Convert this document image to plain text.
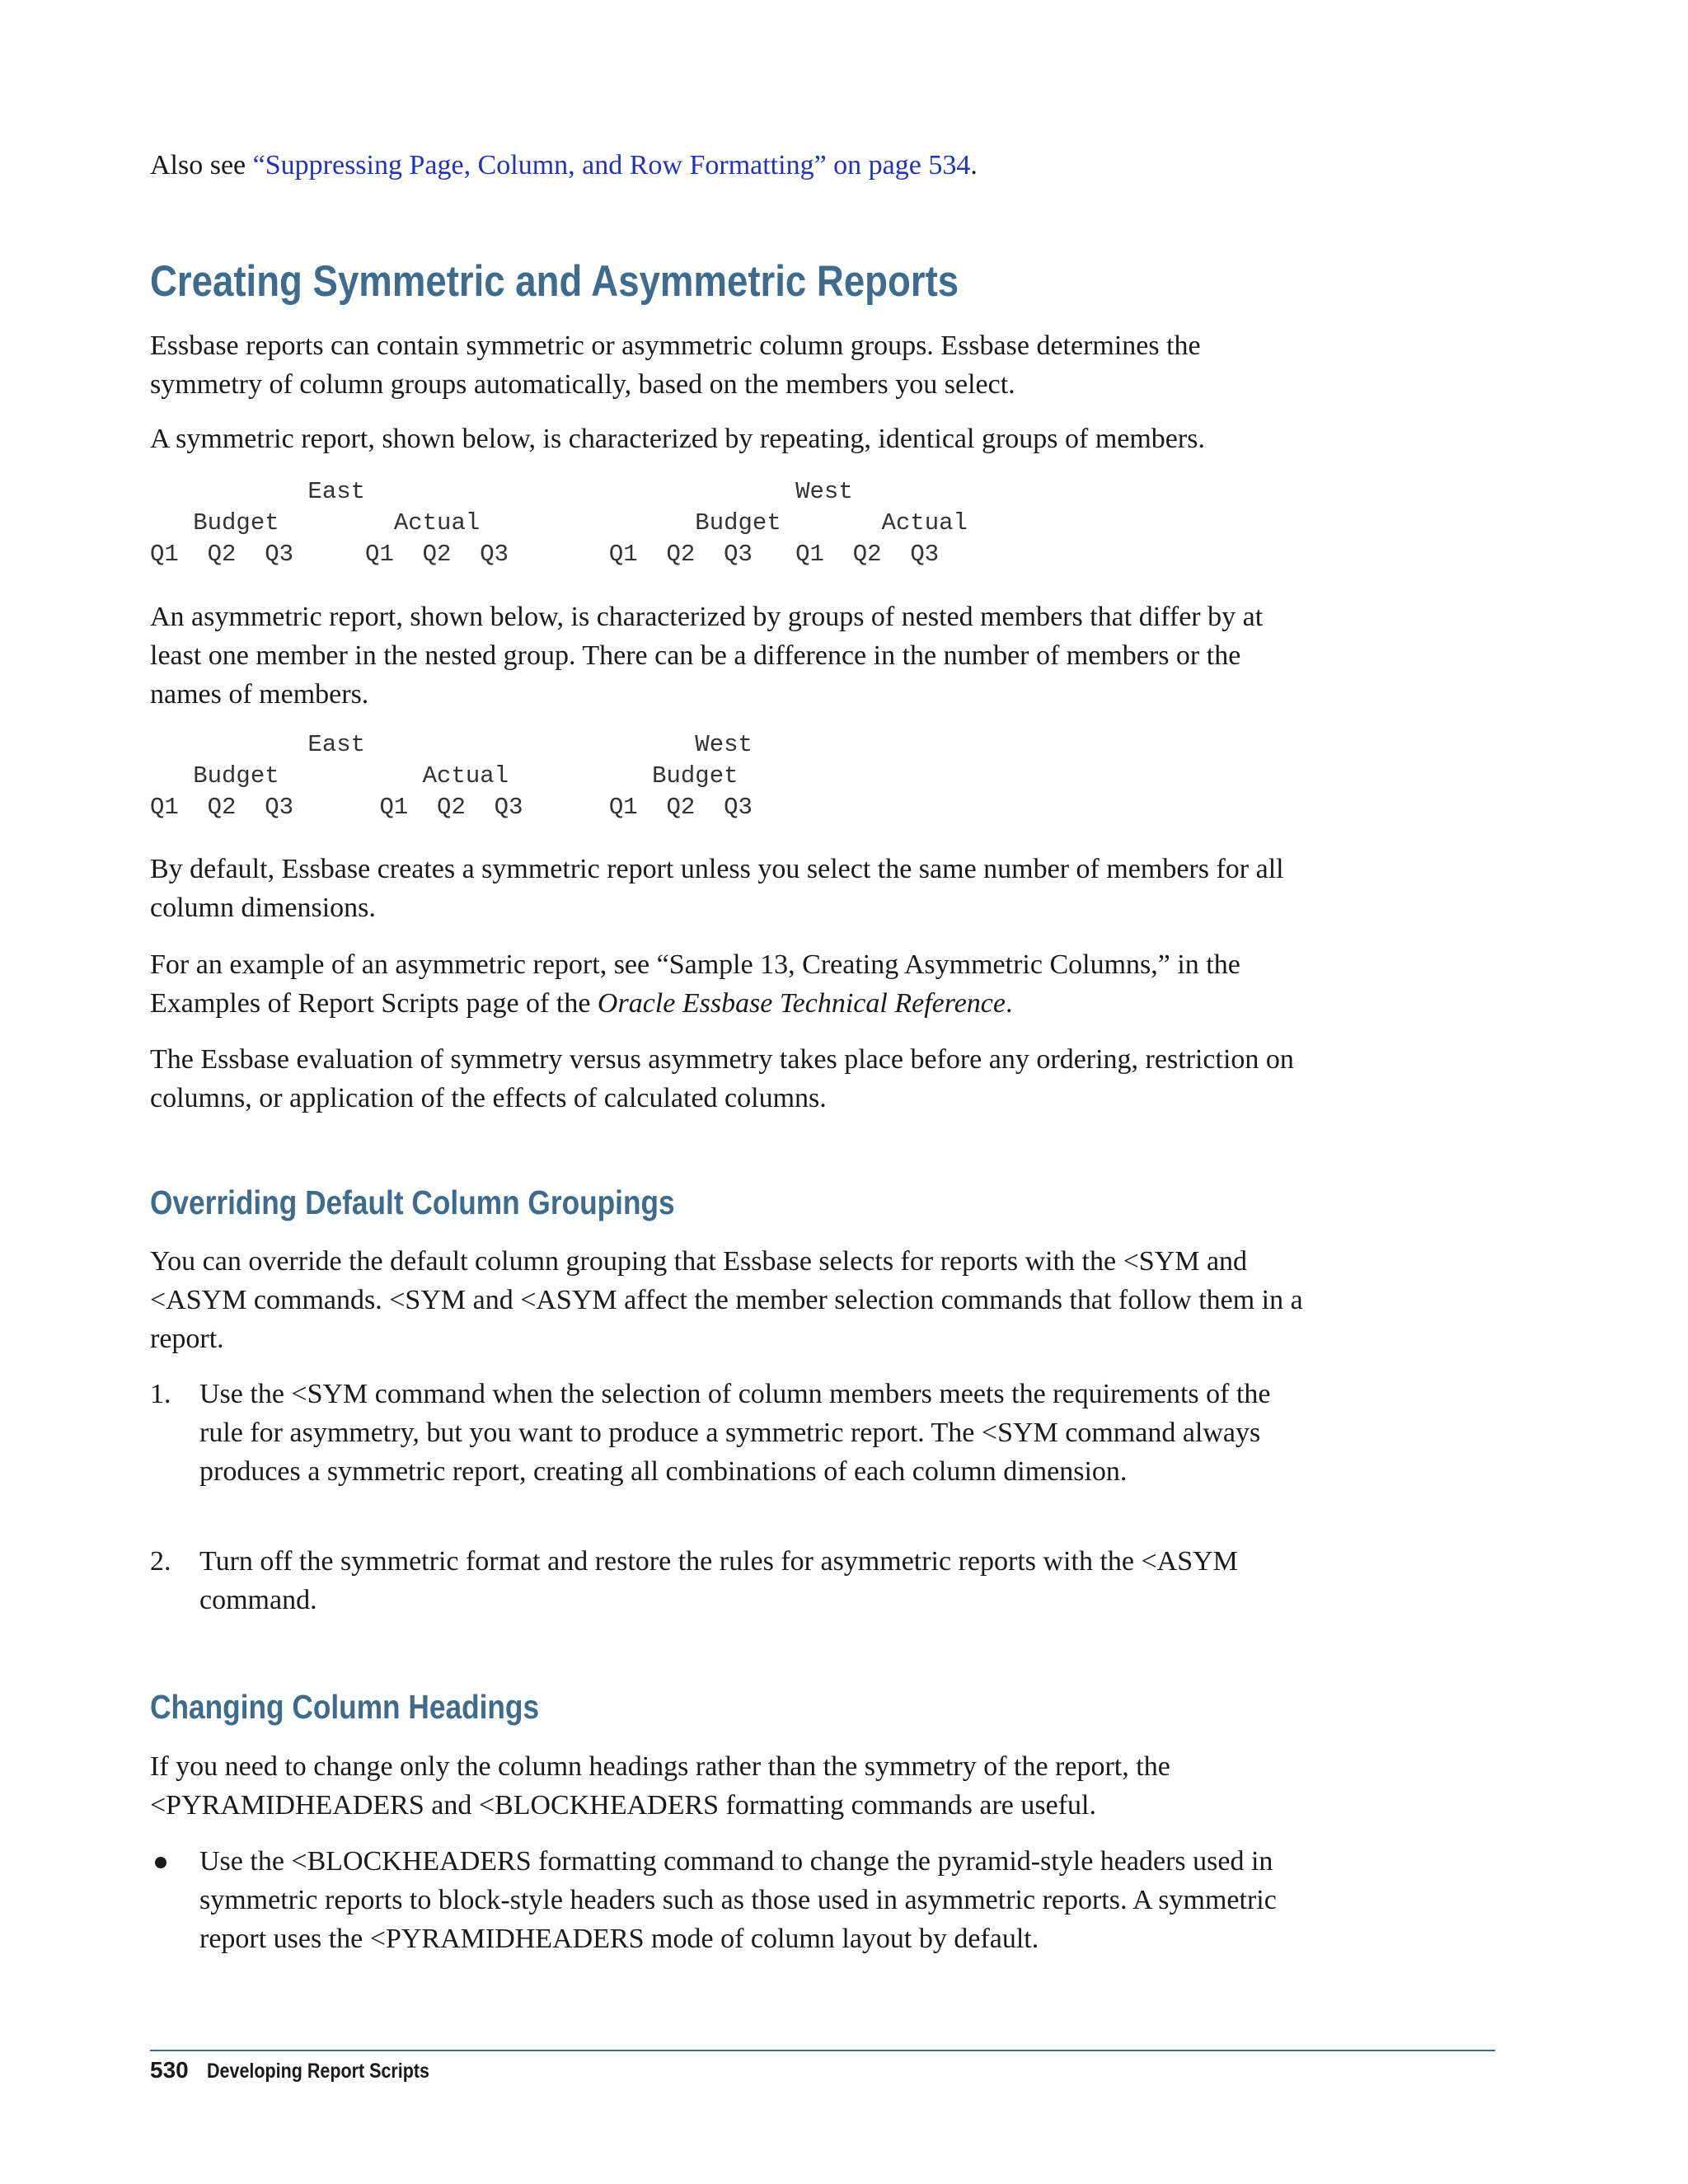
Also see “Suppressing Page, Column, and Row Formatting” on page 534.

Creating Symmetric and Asymmetric Reports

Essbase reports can contain symmetric or asymmetric column groups. Essbase determines the symmetry of column groups automatically, based on the members you select.

A symmetric report, shown below, is characterized by repeating, identical groups of members.

East                              West
Budget        Actual               Budget       Actual
Q1  Q2  Q3     Q1  Q2  Q3       Q1  Q2  Q3   Q1  Q2  Q3

An asymmetric report, shown below, is characterized by groups of nested members that differ by at least one member in the nested group. There can be a difference in the number of members or the names of members.

East                       West
Budget          Actual          Budget
Q1  Q2  Q3      Q1  Q2  Q3      Q1  Q2  Q3

By default, Essbase creates a symmetric report unless you select the same number of members for all column dimensions.

For an example of an asymmetric report, see “Sample 13, Creating Asymmetric Columns,” in the Examples of Report Scripts page of the Oracle Essbase Technical Reference.

The Essbase evaluation of symmetry versus asymmetry takes place before any ordering, restriction on columns, or application of the effects of calculated columns.

Overriding Default Column Groupings

You can override the default column grouping that Essbase selects for reports with the <SYM and <ASYM commands. <SYM and <ASYM affect the member selection commands that follow them in a report.

1. Use the <SYM command when the selection of column members meets the requirements of the rule for asymmetry, but you want to produce a symmetric report. The <SYM command always produces a symmetric report, creating all combinations of each column dimension.
2. Turn off the symmetric format and restore the rules for asymmetric reports with the <ASYM command.
Changing Column Headings

If you need to change only the column headings rather than the symmetry of the report, the <PYRAMIDHEADERS and <BLOCKHEADERS formatting commands are useful.

Use the <BLOCKHEADERS formatting command to change the pyramid-style headers used in symmetric reports to block-style headers such as those used in asymmetric reports. A symmetric report uses the <PYRAMIDHEADERS mode of column layout by default.
530 Developing Report Scripts
